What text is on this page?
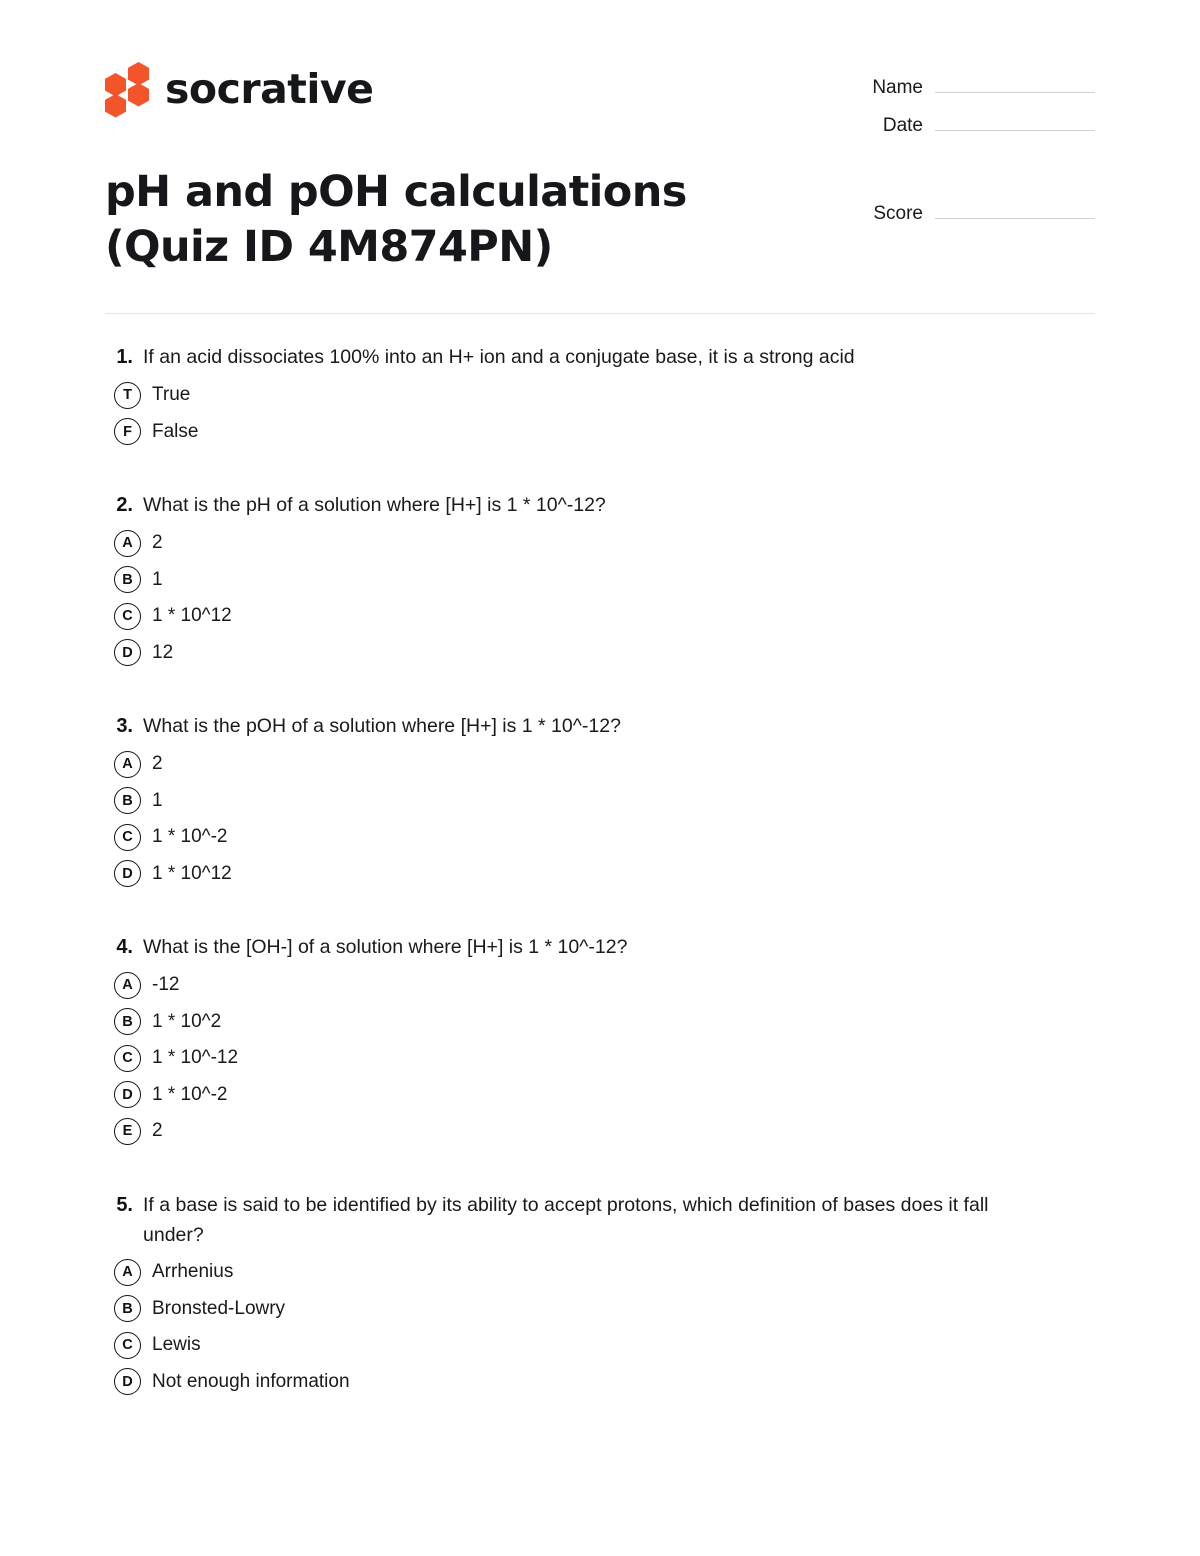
socrative	Name
Date
Score
pH and pOH calculations (Quiz ID 4M874PN)
1. If an acid dissociates 100% into an H+ ion and a conjugate base, it is a strong acid
T	True
F	False
2. What is the pH of a solution where [H+] is 1 * 10^-12?
A	2
B	1
C	1 * 10^12
D	12
3. What is the pOH of a solution where [H+] is 1 * 10^-12?
A	2
B	1
C	1 * 10^-2
D	1 * 10^12
4. What is the [OH-] of a solution where [H+] is 1 * 10^-12?
A	-12
B	1 * 10^2
C	1 * 10^-12
D	1 * 10^-2
E	2
5. If a base is said to be identified by its ability to accept protons, which definition of bases does it fall under?
A	Arrhenius
B	Bronsted-Lowry
C	Lewis
D	Not enough information
